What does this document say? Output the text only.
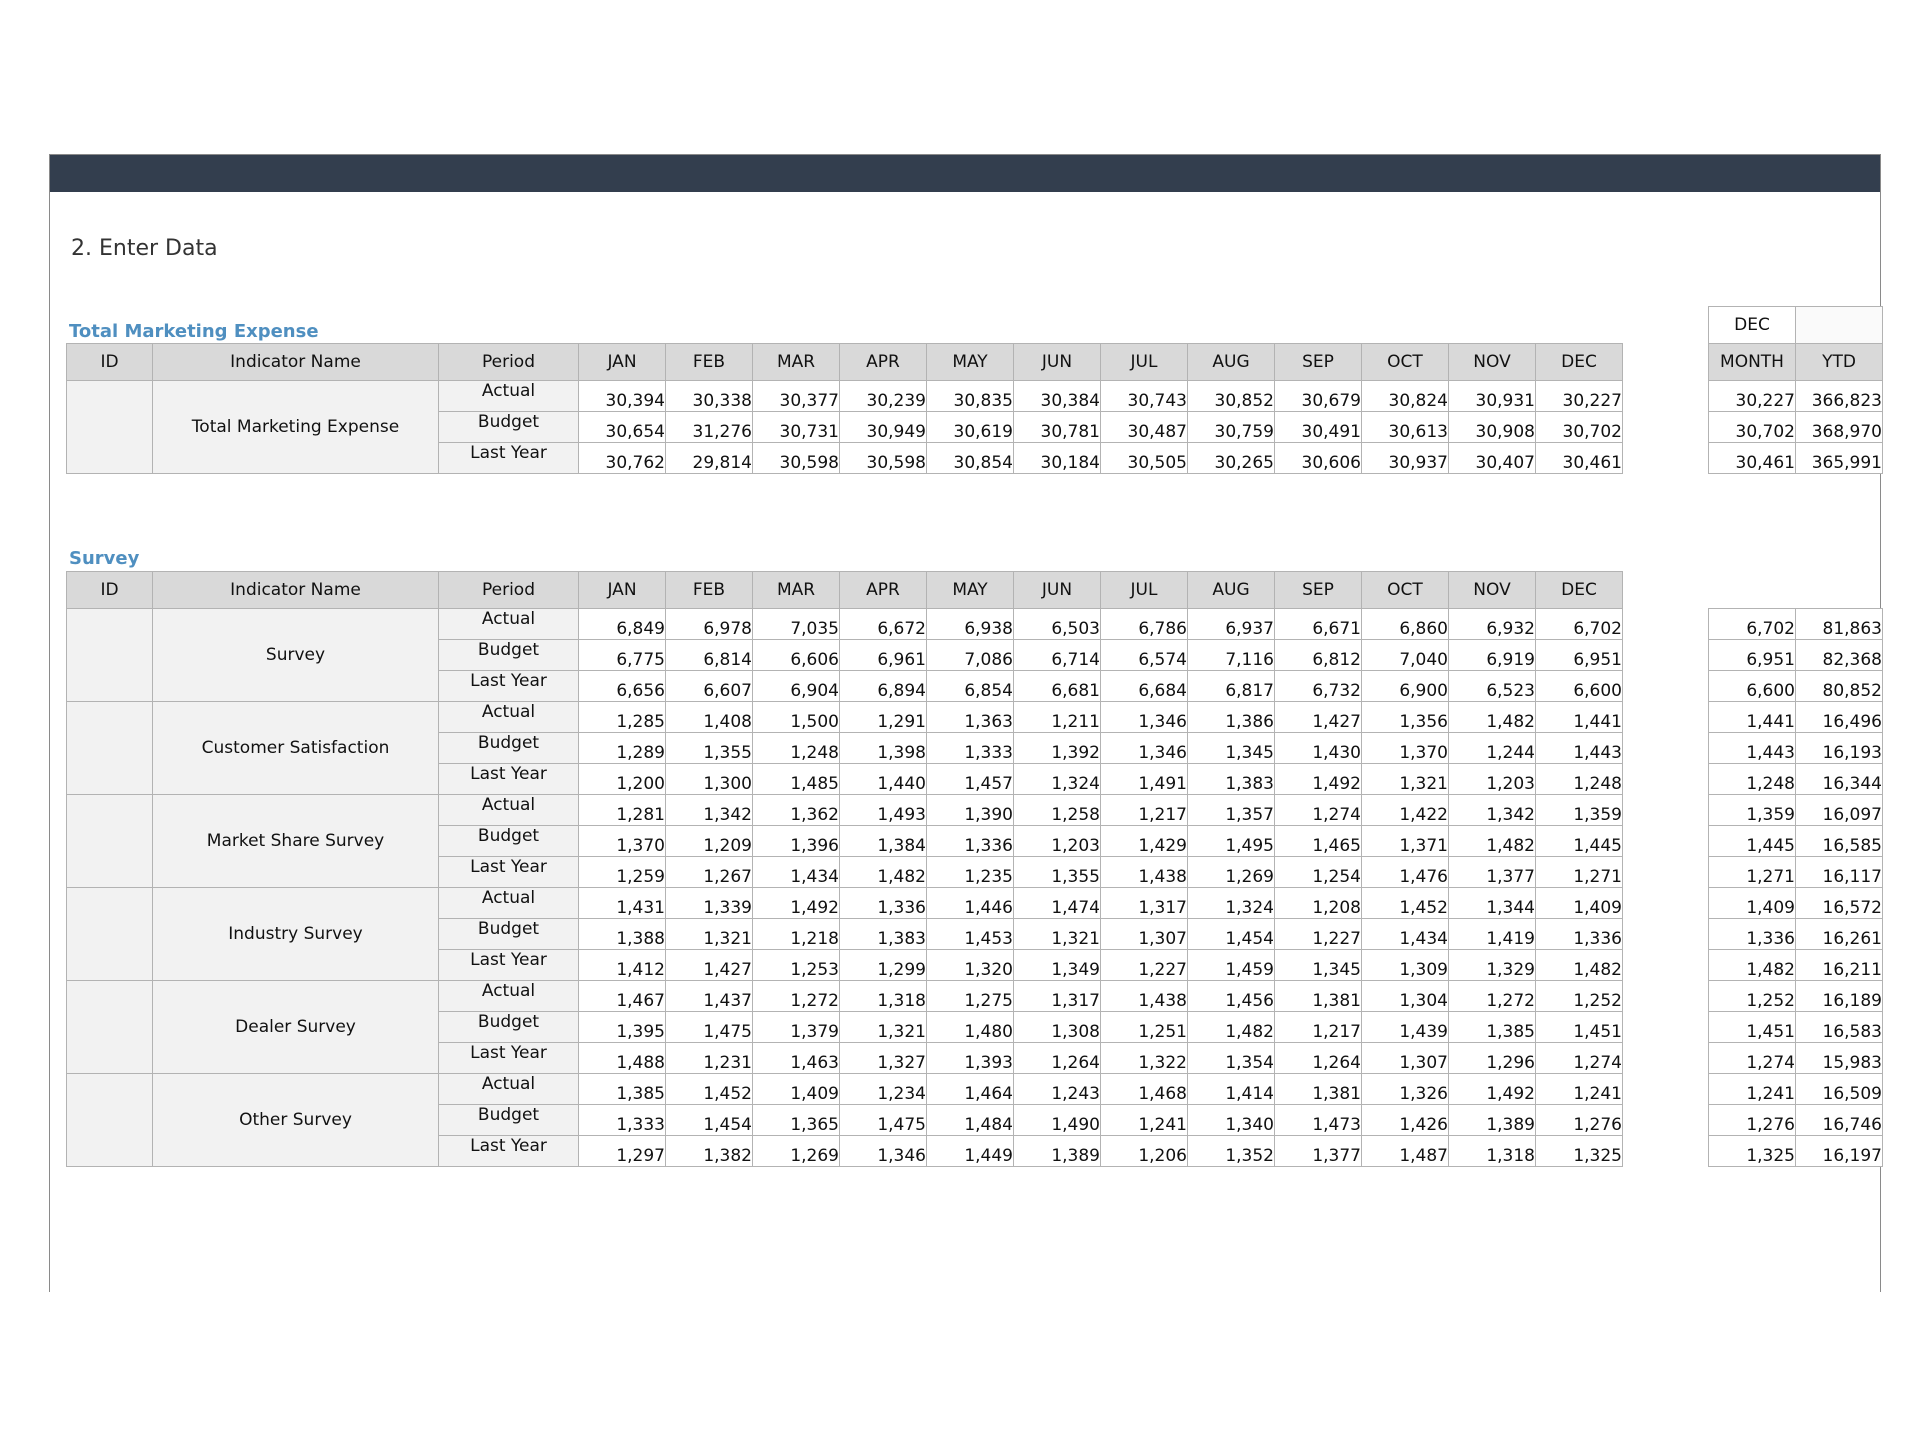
2. Enter Data
Total Marketing Expense
																DEC	
ID	Indicator Name	Period	JAN	FEB	MAR	APR	MAY	JUN	JUL	AUG	SEP	OCT	NOV	DEC		MONTH	YTD
	Total Marketing Expense	Actual	30,394	30,338	30,377	30,239	30,835	30,384	30,743	30,852	30,679	30,824	30,931	30,227		30,227	366,823
		Budget	30,654	31,276	30,731	30,949	30,619	30,781	30,487	30,759	30,491	30,613	30,908	30,702		30,702	368,970
		Last Year	30,762	29,814	30,598	30,598	30,854	30,184	30,505	30,265	30,606	30,937	30,407	30,461		30,461	365,991
Survey
ID	Indicator Name	Period	JAN	FEB	MAR	APR	MAY	JUN	JUL	AUG	SEP	OCT	NOV	DEC			
	Survey	Actual	6,849	6,978	7,035	6,672	6,938	6,503	6,786	6,937	6,671	6,860	6,932	6,702		6,702	81,863
		Budget	6,775	6,814	6,606	6,961	7,086	6,714	6,574	7,116	6,812	7,040	6,919	6,951		6,951	82,368
		Last Year	6,656	6,607	6,904	6,894	6,854	6,681	6,684	6,817	6,732	6,900	6,523	6,600		6,600	80,852
	Customer Satisfaction	Actual	1,285	1,408	1,500	1,291	1,363	1,211	1,346	1,386	1,427	1,356	1,482	1,441		1,441	16,496
		Budget	1,289	1,355	1,248	1,398	1,333	1,392	1,346	1,345	1,430	1,370	1,244	1,443		1,443	16,193
		Last Year	1,200	1,300	1,485	1,440	1,457	1,324	1,491	1,383	1,492	1,321	1,203	1,248		1,248	16,344
	Market Share Survey	Actual	1,281	1,342	1,362	1,493	1,390	1,258	1,217	1,357	1,274	1,422	1,342	1,359		1,359	16,097
		Budget	1,370	1,209	1,396	1,384	1,336	1,203	1,429	1,495	1,465	1,371	1,482	1,445		1,445	16,585
		Last Year	1,259	1,267	1,434	1,482	1,235	1,355	1,438	1,269	1,254	1,476	1,377	1,271		1,271	16,117
	Industry Survey	Actual	1,431	1,339	1,492	1,336	1,446	1,474	1,317	1,324	1,208	1,452	1,344	1,409		1,409	16,572
		Budget	1,388	1,321	1,218	1,383	1,453	1,321	1,307	1,454	1,227	1,434	1,419	1,336		1,336	16,261
		Last Year	1,412	1,427	1,253	1,299	1,320	1,349	1,227	1,459	1,345	1,309	1,329	1,482		1,482	16,211
	Dealer Survey	Actual	1,467	1,437	1,272	1,318	1,275	1,317	1,438	1,456	1,381	1,304	1,272	1,252		1,252	16,189
		Budget	1,395	1,475	1,379	1,321	1,480	1,308	1,251	1,482	1,217	1,439	1,385	1,451		1,451	16,583
		Last Year	1,488	1,231	1,463	1,327	1,393	1,264	1,322	1,354	1,264	1,307	1,296	1,274		1,274	15,983
	Other Survey	Actual	1,385	1,452	1,409	1,234	1,464	1,243	1,468	1,414	1,381	1,326	1,492	1,241		1,241	16,509
		Budget	1,333	1,454	1,365	1,475	1,484	1,490	1,241	1,340	1,473	1,426	1,389	1,276		1,276	16,746
		Last Year	1,297	1,382	1,269	1,346	1,449	1,389	1,206	1,352	1,377	1,487	1,318	1,325		1,325	16,197
